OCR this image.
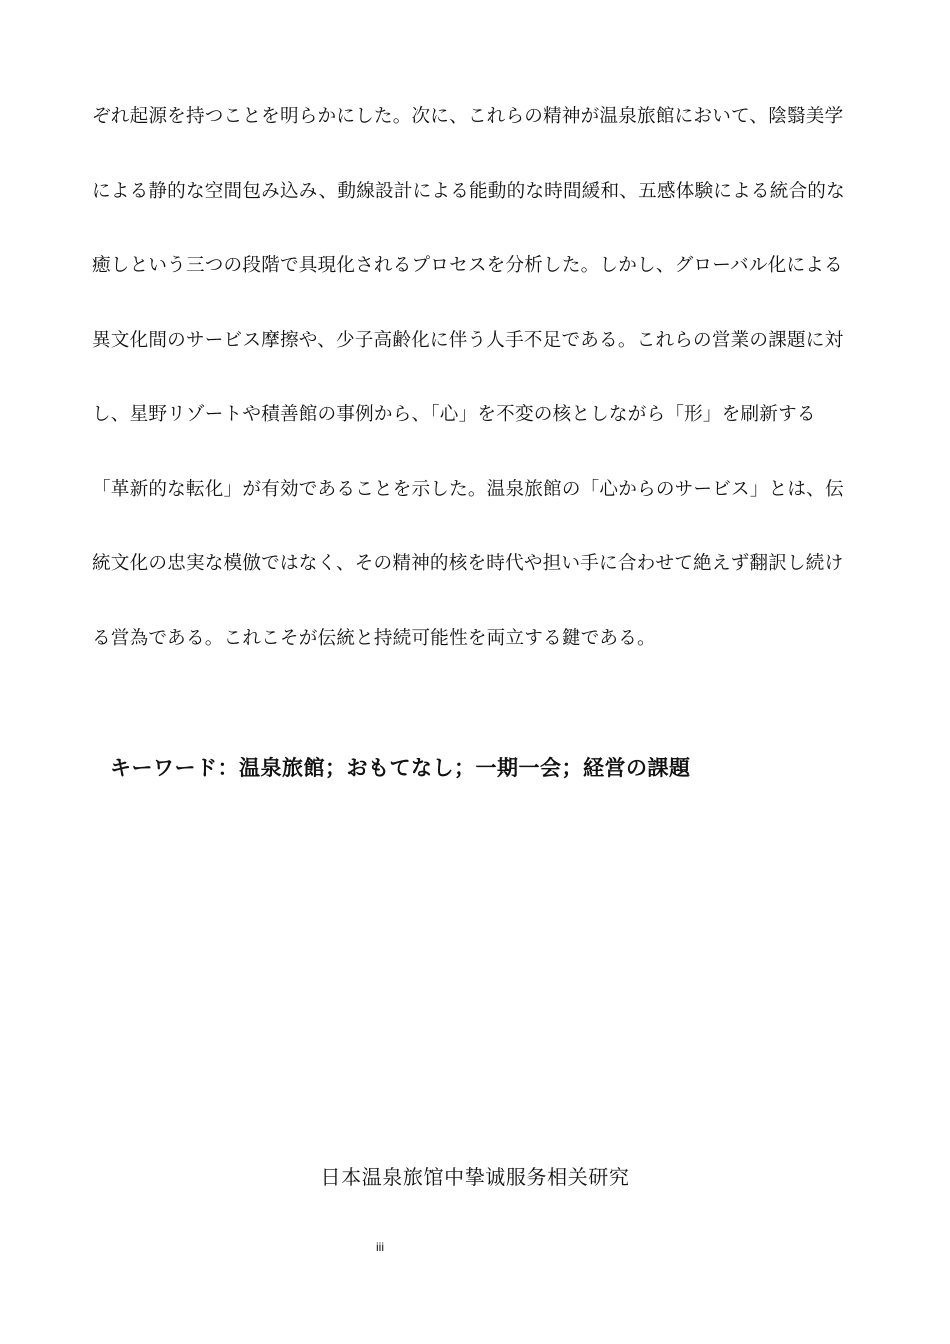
ぞれ起源を持つことを明らかにした。次に、これらの精神が温泉旅館において、陰翳美学
による静的な空間包み込み、動線設計による能動的な時間緩和、五感体験による統合的な
癒しという三つの段階で具現化されるプロセスを分析した。しかし、グローバル化による
異文化間のサービス摩擦や、少子高齢化に伴う人手不足である。これらの営業の課題に対
し、星野リゾートや積善館の事例から、「心」を不変の核としながら「形」を刷新する
「革新的な転化」が有効であることを示した。温泉旅館の「心からのサービス」とは、伝
統文化の忠実な模倣ではなく、その精神的核を時代や担い手に合わせて絶えず翻訳し続け
る営為である。これこそが伝統と持続可能性を両立する鍵である。
キーワード：温泉旅館；おもてなし；一期一会；経営の課題
日本温泉旅馆中挚诚服务相关研究
iii
